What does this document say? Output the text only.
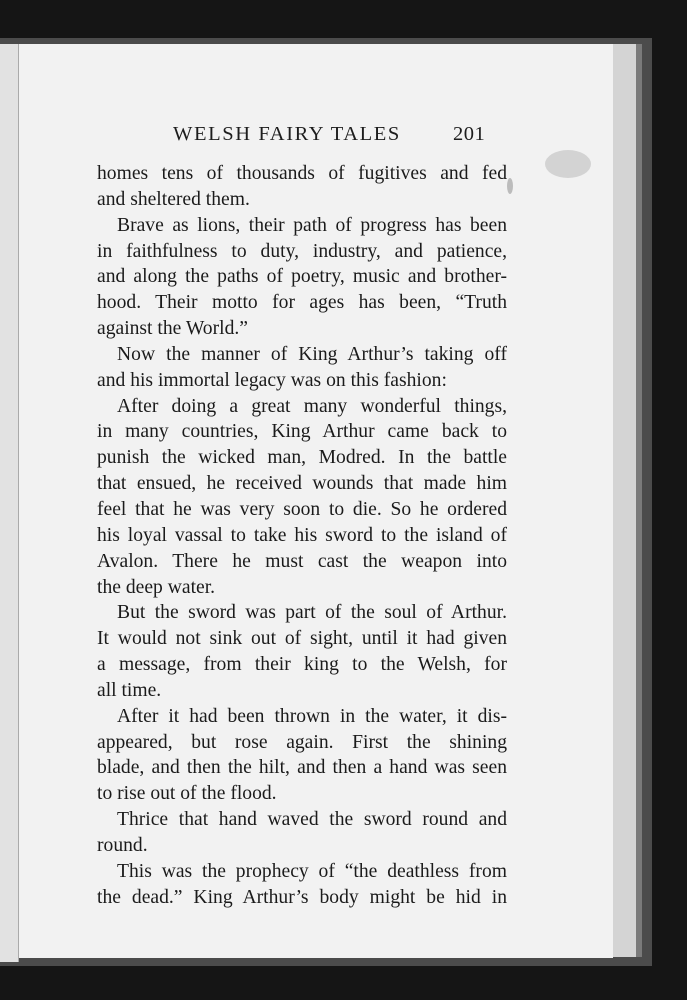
WELSH FAIRY TALES	201
homes tens of thousands of fugitives and fed
and sheltered them.
Brave as lions, their path of progress has been
in faithfulness to duty, industry, and patience,
and along the paths of poetry, music and brother-
hood. Their motto for ages has been, “Truth
against the World.”
Now the manner of King Arthur’s taking off
and his immortal legacy was on this fashion:
After doing a great many wonderful things,
in many countries, King Arthur came back to
punish the wicked man, Modred. In the battle
that ensued, he received wounds that made him
feel that he was very soon to die. So he ordered
his loyal vassal to take his sword to the island of
Avalon. There he must cast the weapon into
the deep water.
But the sword was part of the soul of Arthur.
It would not sink out of sight, until it had given
a message, from their king to the Welsh, for
all time.
After it had been thrown in the water, it dis-
appeared, but rose again. First the shining
blade, and then the hilt, and then a hand was seen
to rise out of the flood.
Thrice that hand waved the sword round and
round.
This was the prophecy of “the deathless from
the dead.” King Arthur’s body might be hid in
